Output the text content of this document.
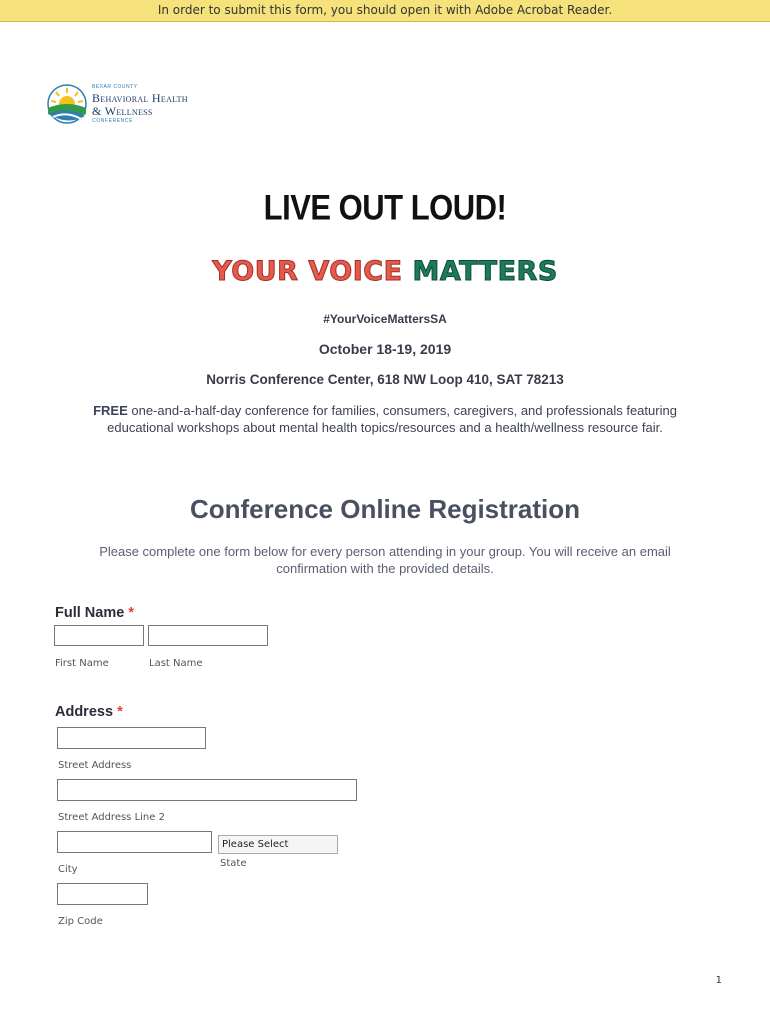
In order to submit this form, you should open it with Adobe Acrobat Reader.
BEXAR COUNTY
Behavioral Health
& Wellness
CONFERENCE
LIVE OUT LOUD!
YOUR VOICE MATTERS
#YourVoiceMattersSA
October 18-19, 2019
Norris Conference Center, 618 NW Loop 410, SAT 78213
FREE one-and-a-half-day conference for families, consumers, caregivers, and professionals featuring educational workshops about mental health topics/resources and a health/wellness resource fair.
Conference Online Registration
Please complete one form below for every person attending in your group. You will receive an email confirmation with the provided details.
Full Name *
First Name	Last Name
Address *
Street Address
Street Address Line 2
Please Select
State
City
Zip Code
1
